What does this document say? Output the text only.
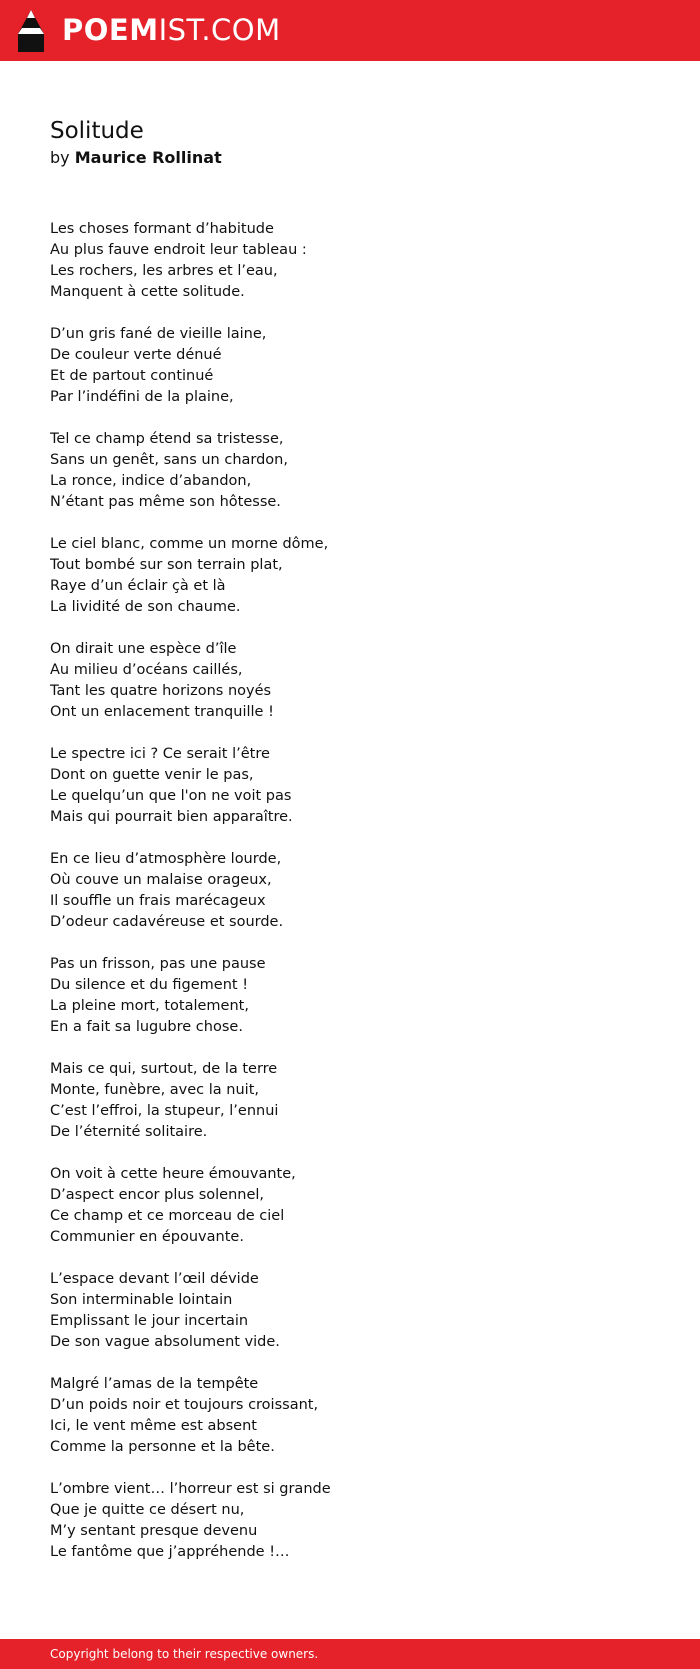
POEMIST.COM
Solitude
by Maurice Rollinat
Les choses formant d’habitude
Au plus fauve endroit leur tableau :
Les rochers, les arbres et l’eau,
Manquent à cette solitude.
D’un gris fané de vieille laine,
De couleur verte dénué
Et de partout continué
Par l’indéfini de la plaine,
Tel ce champ étend sa tristesse,
Sans un genêt, sans un chardon,
La ronce, indice d’abandon,
N’étant pas même son hôtesse.
Le ciel blanc, comme un morne dôme,
Tout bombé sur son terrain plat,
Raye d’un éclair çà et là
La lividité de son chaume.
On dirait une espèce d’île
Au milieu d’océans caillés,
Tant les quatre horizons noyés
Ont un enlacement tranquille !
Le spectre ici ? Ce serait l’être
Dont on guette venir le pas,
Le quelqu’un que l'on ne voit pas
Mais qui pourrait bien apparaître.
En ce lieu d’atmosphère lourde,
Où couve un malaise orageux,
Il souffle un frais marécageux
D’odeur cadavéreuse et sourde.
Pas un frisson, pas une pause
Du silence et du figement !
La pleine mort, totalement,
En a fait sa lugubre chose.
Mais ce qui, surtout, de la terre
Monte, funèbre, avec la nuit,
C’est l’effroi, la stupeur, l’ennui
De l’éternité solitaire.
On voit à cette heure émouvante,
D’aspect encor plus solennel,
Ce champ et ce morceau de ciel
Communier en épouvante.
L’espace devant l’œil dévide
Son interminable lointain
Emplissant le jour incertain
De son vague absolument vide.
Malgré l’amas de la tempête
D’un poids noir et toujours croissant,
Ici, le vent même est absent
Comme la personne et la bête.
L’ombre vient… l’horreur est si grande
Que je quitte ce désert nu,
M’y sentant presque devenu
Le fantôme que j’appréhende !…
Copyright belong to their respective owners.
